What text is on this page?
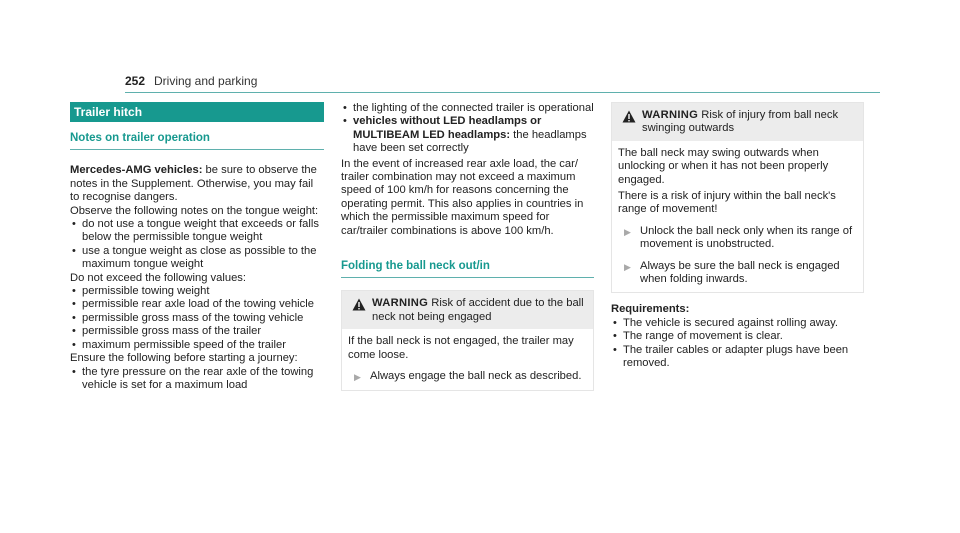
252 Driving and parking
Trailer hitch
Notes on trailer operation

Mercedes-AMG vehicles: be sure to observe the notes in the Supplement. Otherwise, you may fail to recognise dangers.

Observe the following notes on the tongue weight:

• do not use a tongue weight that exceeds or falls below the permissible tongue weight
• use a tongue weight as close as possible to the maximum tongue weight

Do not exceed the following values:

• permissible towing weight
• permissible rear axle load of the towing vehicle
• permissible gross mass of the towing vehicle
• permissible gross mass of the trailer
• maximum permissible speed of the trailer

Ensure the following before starting a journey:

• the tyre pressure on the rear axle of the towing vehicle is set for a maximum load
• the lighting of the connected trailer is operational
• vehicles without LED headlamps or MULTIBEAM LED headlamps: the headlamps have been set correctly

In the event of increased rear axle load, the car/ trailer combination may not exceed a maximum speed of 100 km/h for reasons concerning the operating permit. This also applies in countries in which the permissible maximum speed for car/trailer combinations is above 100 km/h.

Folding the ball neck out/in
WARNING Risk of accident due to the ball neck not being engaged

If the ball neck is not engaged, the trailer may come loose.

▶ Always engage the ball neck as described.
WARNING Risk of injury from ball neck swinging outwards

The ball neck may swing outwards when unlocking or when it has not been properly engaged.

There is a risk of injury within the ball neck's range of movement!

▶ Unlock the ball neck only when its range of movement is unobstructed.
▶ Always be sure the ball neck is engaged when folding inwards.

Requirements:

• The vehicle is secured against rolling away.
• The range of movement is clear.
• The trailer cables or adapter plugs have been removed.
